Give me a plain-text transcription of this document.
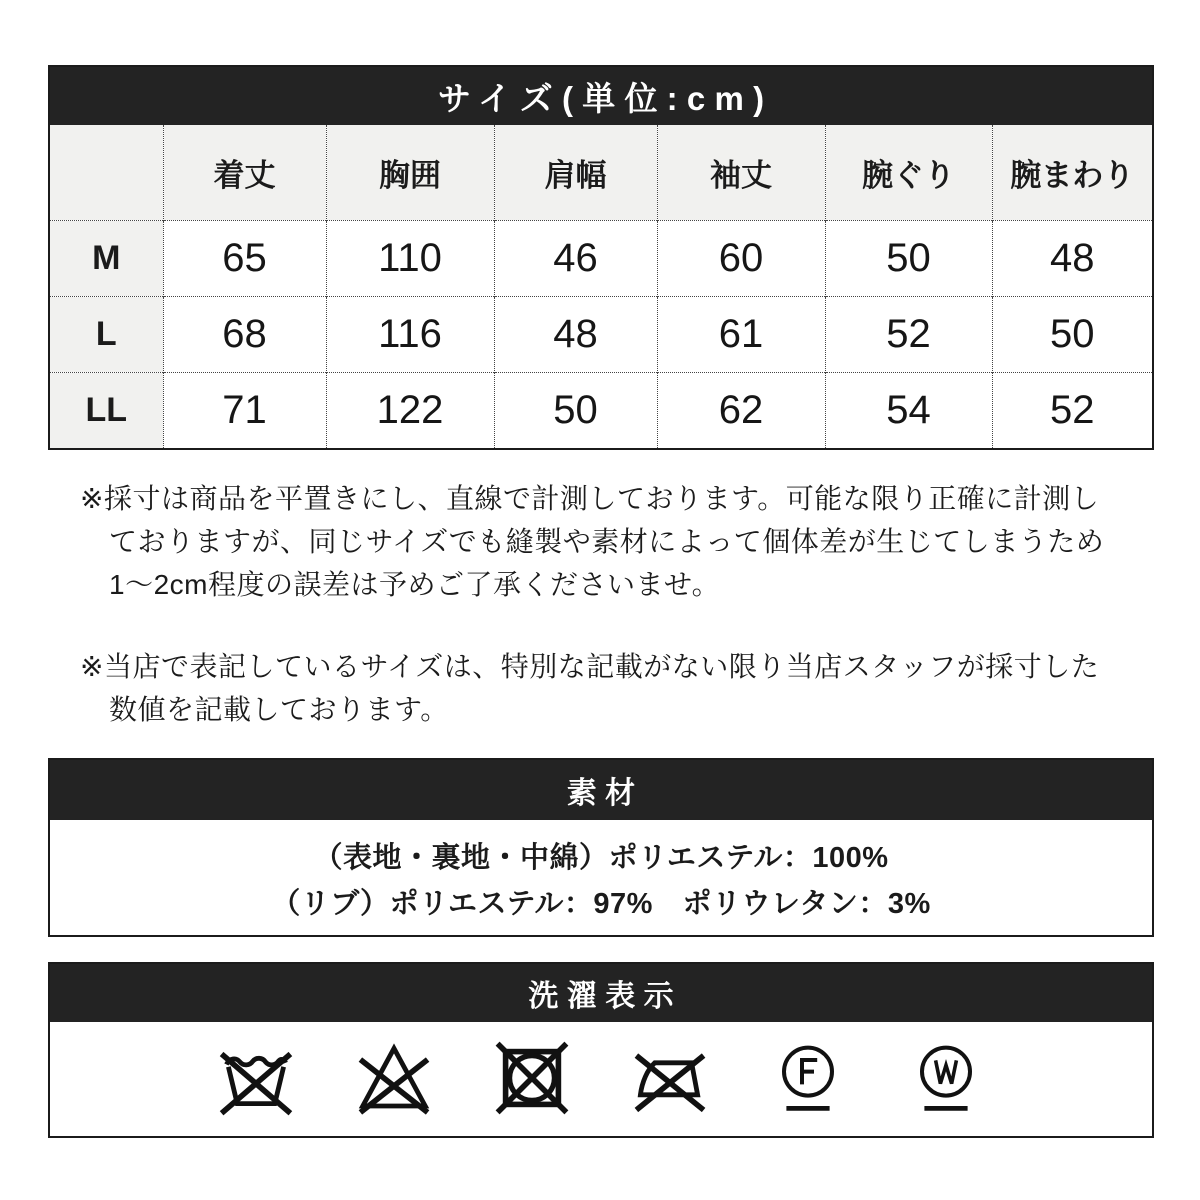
サイズ(単位:cm)
	着丈	胸囲	肩幅	袖丈	腕ぐり	腕まわり
M	65	110	46	60	50	48
L	68	116	48	61	52	50
LL	71	122	50	62	54	52

※採寸は商品を平置きにし、直線で計測しております。可能な限り正確に計測し

ておりますが、同じサイズでも縫製や素材によって個体差が生じてしまうため

1〜2cm程度の誤差は予めご了承くださいませ。

※当店で表記しているサイズは、特別な記載がない限り当店スタッフが採寸した

数値を記載しております。

素材

（表地・裏地・中綿）ポリエステル：100%

（リブ）ポリエステル：97%　ポリウレタン：3%

洗濯表示
